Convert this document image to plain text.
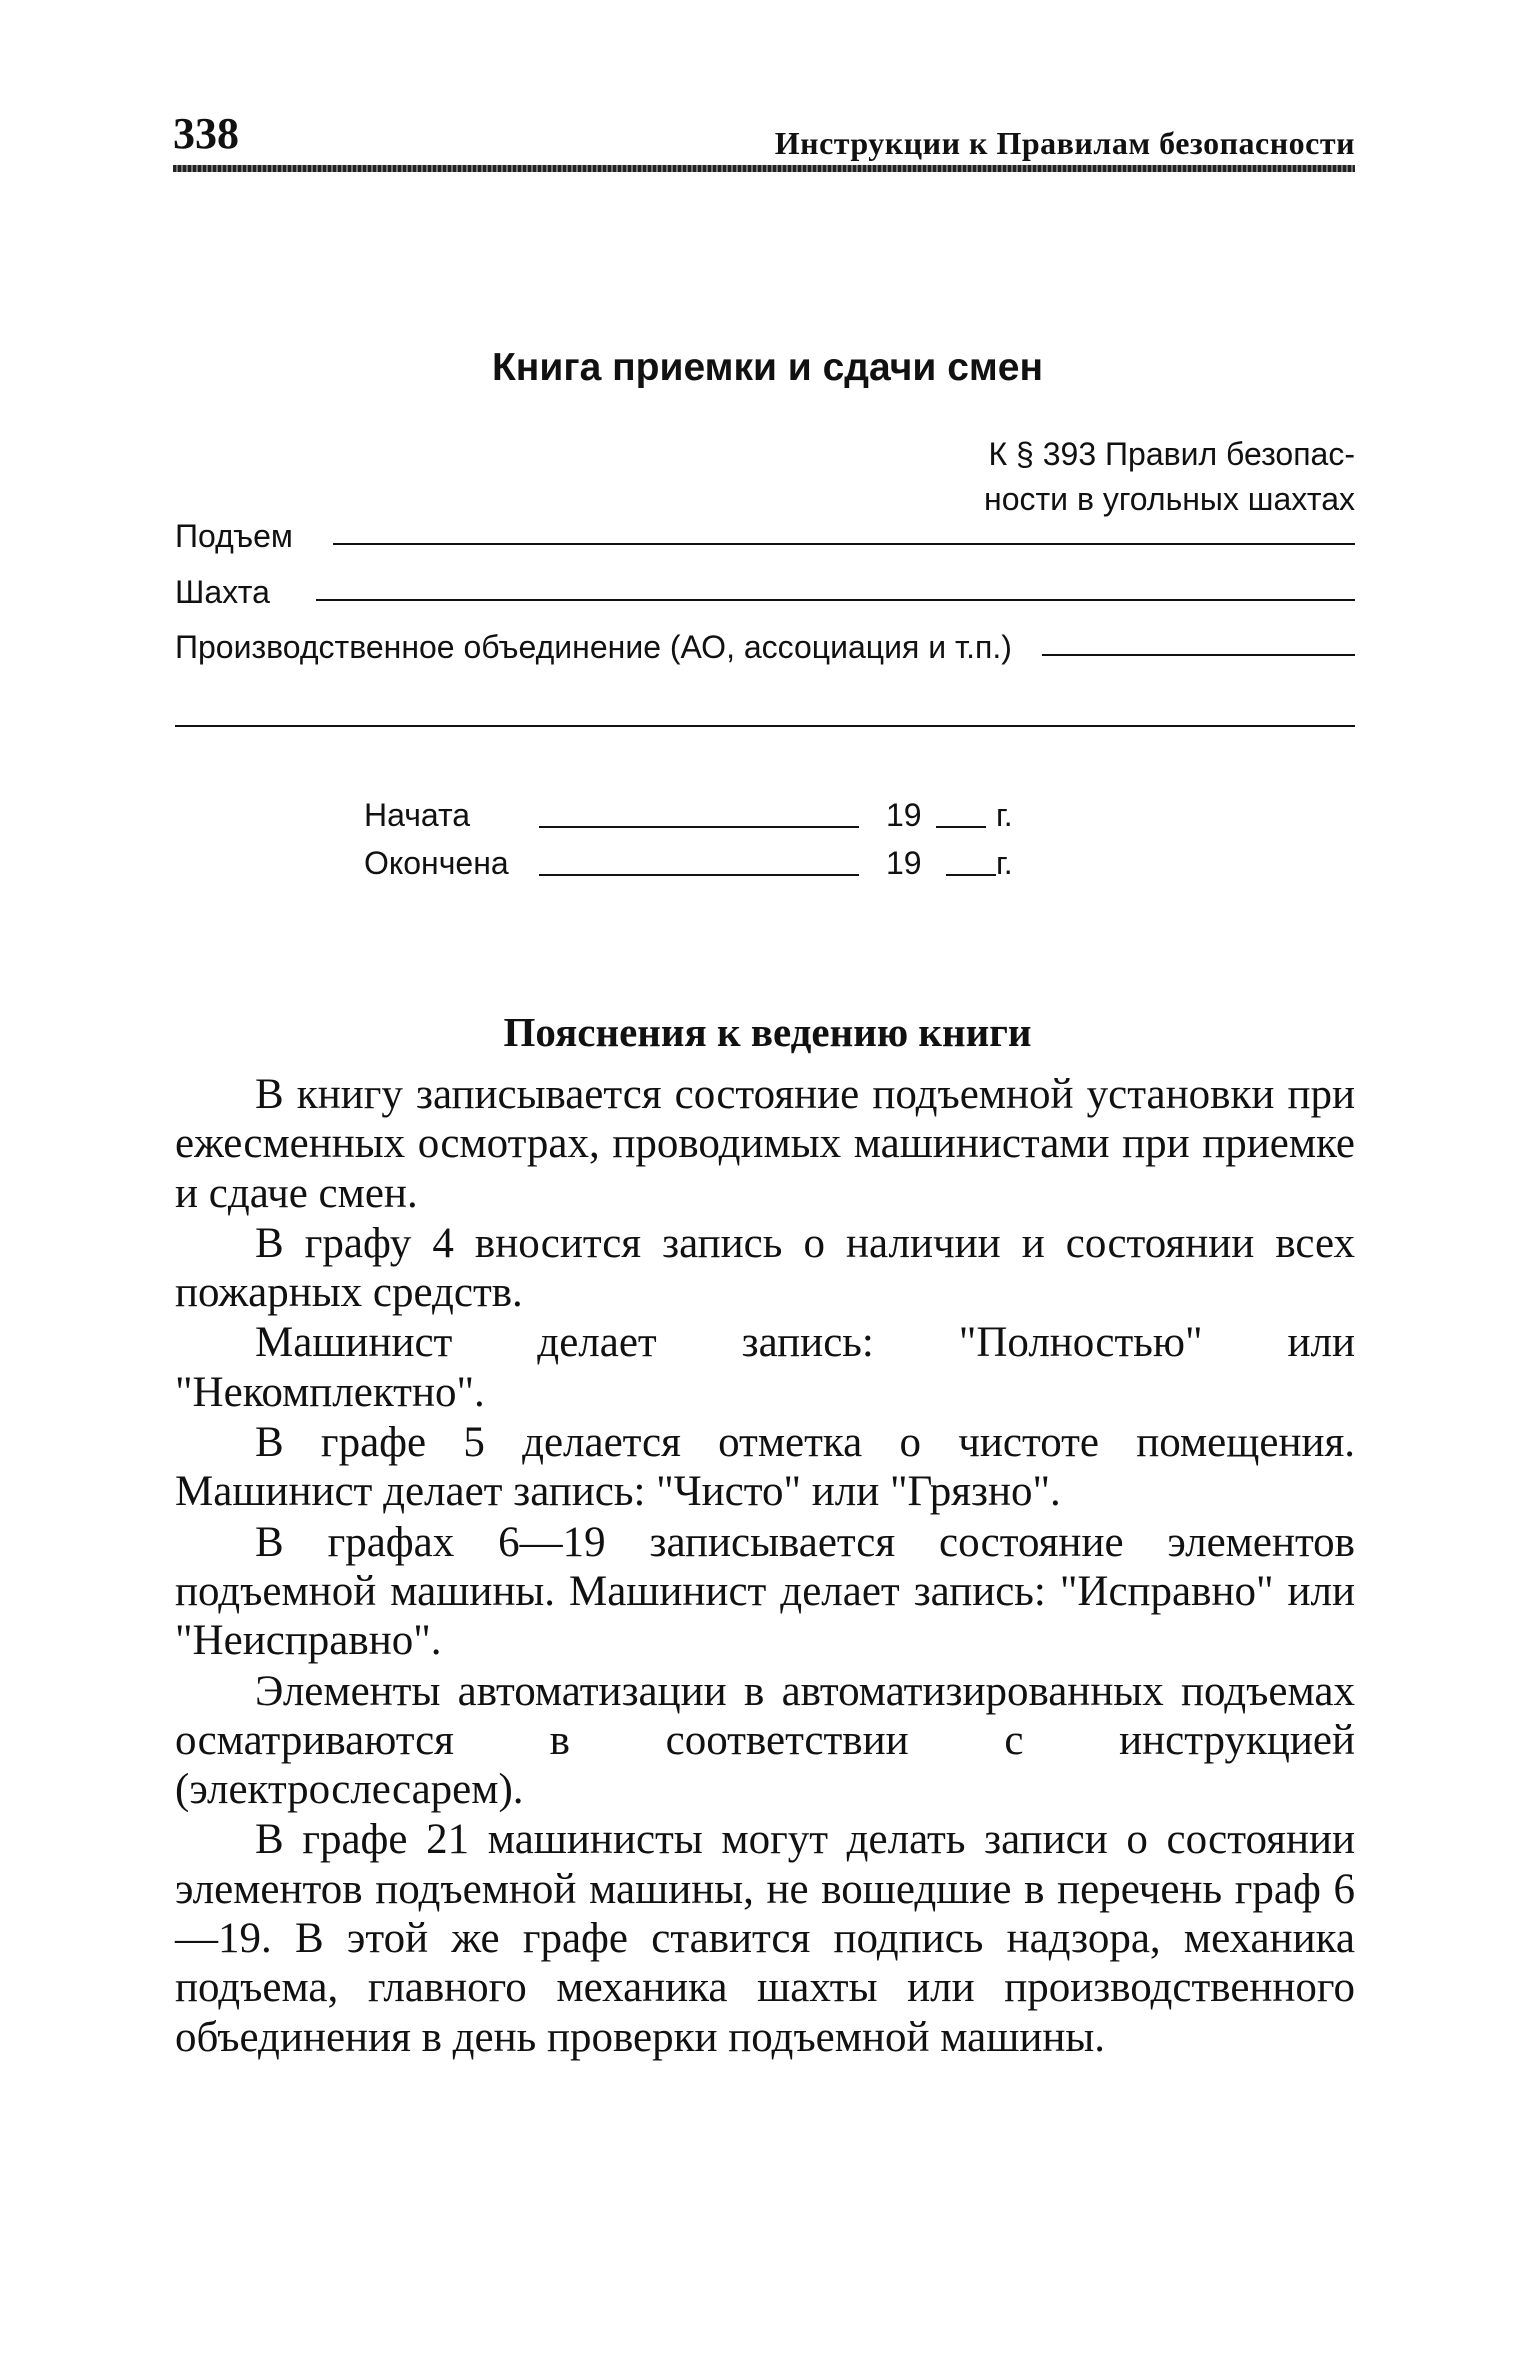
338	Инструкции к Правилам безопасности
Книга приемки и сдачи смен
К § 393 Правил безопас-
ности в угольных шахтах
Подъем
Шахта
Производственное объединение (АО, ассоциация и т.п.)
Начата	19 г.
Окончена	19 г.
Пояснения к ведению книги

В книгу записывается состояние подъемной установки при ежесменных осмотрах, проводимых машинистами при приемке и сдаче смен.

В графу 4 вносится запись о наличии и состоянии всех пожарных средств.

Машинист делает запись: "Полностью" или "Некомплектно".

В графе 5 делается отметка о чистоте помещения. Машинист делает запись: "Чисто" или "Грязно".

В графах 6—19 записывается состояние элементов подъемной машины. Машинист делает запись: "Исправно" или "Неисправно".

Элементы автоматизации в автоматизированных подъемах осматриваются в соответствии с инструкцией (электрослесарем).

В графе 21 машинисты могут делать записи о состоянии элементов подъемной машины, не вошедшие в перечень граф 6—19. В этой же графе ставится подпись надзора, механика подъема, главного механика шахты или производственного объединения в день проверки подъемной машины.
